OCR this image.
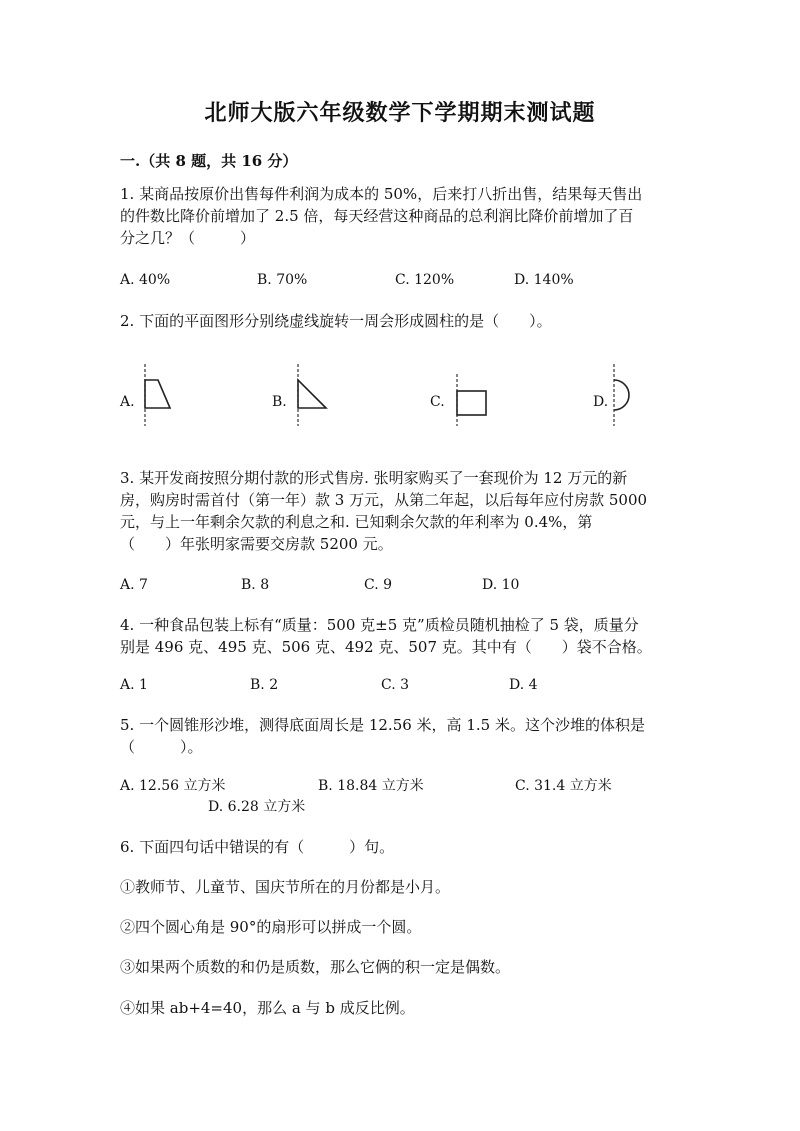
北师大版六年级数学下学期期末测试题
一.（共 8 题，共 16 分）
1. 某商品按原价出售每件利润为成本的 50%，后来打八折出售，结果每天售出
的件数比降价前增加了 2.5 倍，每天经营这种商品的总利润比降价前增加了百
分之几？（　　　）
A. 40%	B. 70%	C. 120%	D. 140%
2. 下面的平面图形分别绕虚线旋转一周会形成圆柱的是（　　）。
A.	B.	C.	D.
3. 某开发商按照分期付款的形式售房. 张明家购买了一套现价为 12 万元的新
房，购房时需首付（第一年）款 3 万元，从第二年起，以后每年应付房款 5000
元，与上一年剩余欠款的利息之和. 已知剩余欠款的年利率为 0.4%，第
（　　）年张明家需要交房款 5200 元。
A. 7	B. 8	C. 9	D. 10
4. 一种食品包装上标有“质量：500 克±5 克”质检员随机抽检了 5 袋，质量分
别是 496 克、495 克、506 克、492 克、507 克。其中有（　　）袋不合格。
A. 1	B. 2	C. 3	D. 4
5. 一个圆锥形沙堆，测得底面周长是 12.56 米，高 1.5 米。这个沙堆的体积是
（　　　）。
A. 12.56 立方米	B. 18.84 立方米	C. 31.4 立方米
D. 6.28 立方米
6. 下面四句话中错误的有（　　　）句。
①教师节、儿童节、国庆节所在的月份都是小月。
②四个圆心角是 90°的扇形可以拼成一个圆。
③如果两个质数的和仍是质数，那么它俩的积一定是偶数。
④如果 ab+4=40，那么 a 与 b 成反比例。
